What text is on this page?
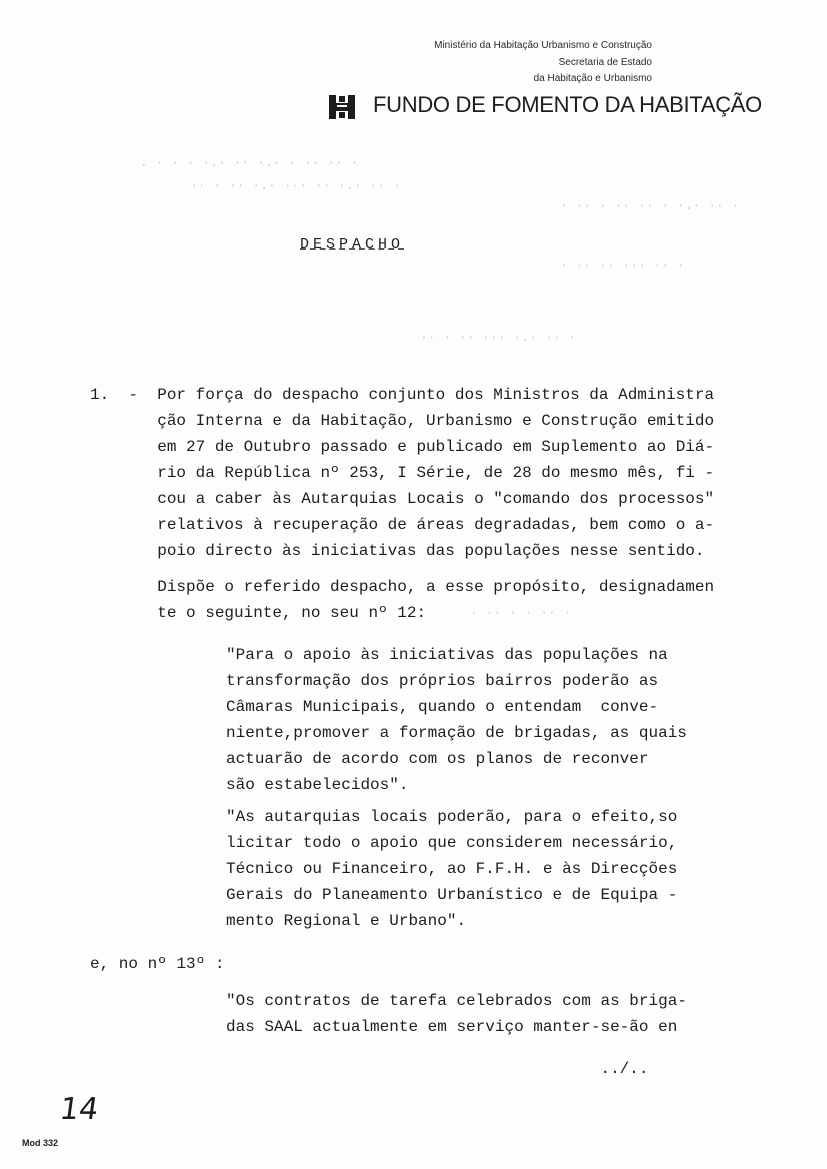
Ministério da Habitação Urbanismo e Construção
Secretaria de Estado
da Habitação e Urbanismo
FUNDO DE FOMENTO DA HABITAÇÃO
. · · · ·.· ·· ·.· · ·· ·· ·
·· · ·· ·.· ··· ·· ·.· ·· ·
· ·· · ·· ·· · ·.· ·· ·
· ·· ·· ··· ·· ·
·· · ·· ··· ·.· ·· ·
· ·· · · ·· ·
DESPACHO
1.  -  Por força do despacho conjunto dos Ministros da Administra
ção Interna e da Habitação, Urbanismo e Construção emitido
em 27 de Outubro passado e publicado em Suplemento ao Diá-
rio da República nº 253, I Série, de 28 do mesmo mês, fi -
cou a caber às Autarquias Locais o "comando dos processos"
relativos à recuperação de áreas degradadas, bem como o a-
poio directo às iniciativas das populações nesse sentido.
Dispõe o referido despacho, a esse propósito, designadamen
te o seguinte, no seu nº 12:
"Para o apoio às iniciativas das populações na
transformação dos próprios bairros poderão as
Câmaras Municipais, quando o entendam  conve-
niente,promover a formação de brigadas, as quais
actuarão de acordo com os planos de reconver
são estabelecidos".
"As autarquias locais poderão, para o efeito,so
licitar todo o apoio que considerem necessário,
Técnico ou Financeiro, ao F.F.H. e às Direcções
Gerais do Planeamento Urbanístico e de Equipa -
mento Regional e Urbano".
e, no nº 13º :
"Os contratos de tarefa celebrados com as briga-
das SAAL actualmente em serviço manter-se-ão en
../..
14
Mod 332
